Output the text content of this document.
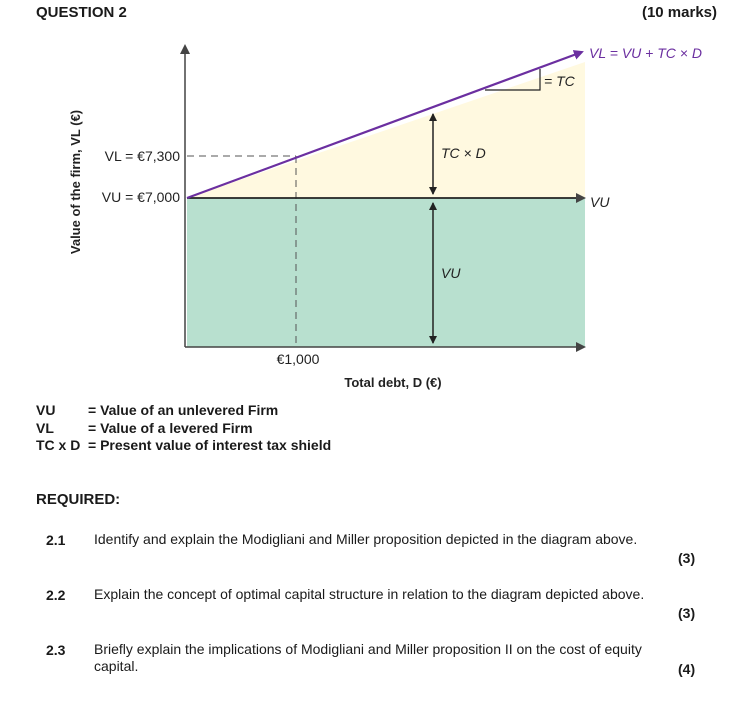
QUESTION 2	(10 marks)
Value of the firm, VL (€) VL = €7,300
VU = €7,000
€1,000
Total debt, D (€)
= TC
TC × D
VU
VL = VU + TC × D
VU
VU = Value of an unlevered Firm
VL = Value of a levered Firm
TC x D = Present value of interest tax shield
REQUIRED:
2.1 Identify and explain the Modigliani and Miller proposition depicted in the diagram above.
(3)
2.2 Explain the concept of optimal capital structure in relation to the diagram depicted above.
(3)
2.3 Briefly explain the implications of Modigliani and Miller proposition II on the cost of equity capital.	(4)
